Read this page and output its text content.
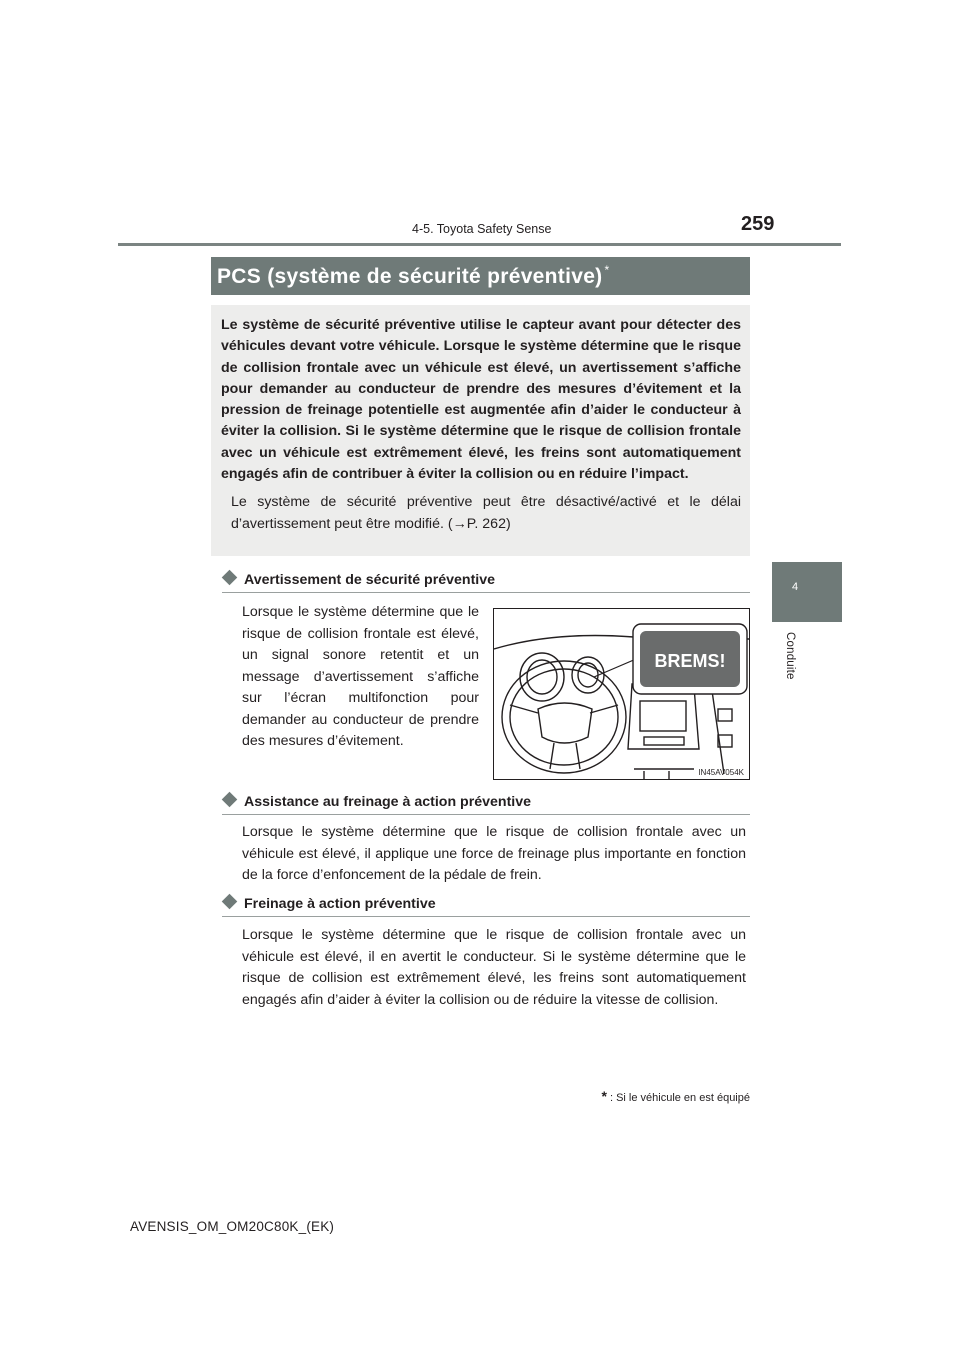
4-5. Toyota Safety Sense	259
4
Conduite
PCS (système de sécurité préventive) *

Le système de sécurité préventive utilise le capteur avant pour détecter des véhicules devant votre véhicule. Lorsque le système détermine que le risque de collision frontale avec un véhicule est élevé, un avertissement s’affiche pour demander au conducteur de prendre des mesures d’évitement et la pression de freinage potentielle est augmentée afin d’aider le conducteur à éviter la collision. Si le système détermine que le risque de collision frontale avec un véhicule est extrêmement élevé, les freins sont automatiquement engagés afin de contribuer à éviter la collision ou en réduire l’impact.

Le système de sécurité préventive peut être désactivé/activé et le délai d’avertissement peut être modifié. (→P. 262)

Avertissement de sécurité préventive
Lorsque le système détermine que le risque de collision frontale est élevé, un signal sonore retentit et un message d’avertissement s’affiche sur l’écran multifonction pour demander au conducteur de prendre des mesures d’évitement.
BREMS!
IN45AV054K
Assistance au freinage à action préventive
Lorsque le système détermine que le risque de collision frontale avec un véhicule est élevé, il applique une force de freinage plus importante en fonction de la force d’enfoncement de la pédale de frein.
Freinage à action préventive
Lorsque le système détermine que le risque de collision frontale avec un véhicule est élevé, il en avertit le conducteur. Si le système détermine que le risque de collision est extrêmement élevé, les freins sont automatiquement engagés afin d’aider à éviter la collision ou de réduire la vitesse de collision.
* : Si le véhicule en est équipé
AVENSIS_OM_OM20C80K_(EK)
